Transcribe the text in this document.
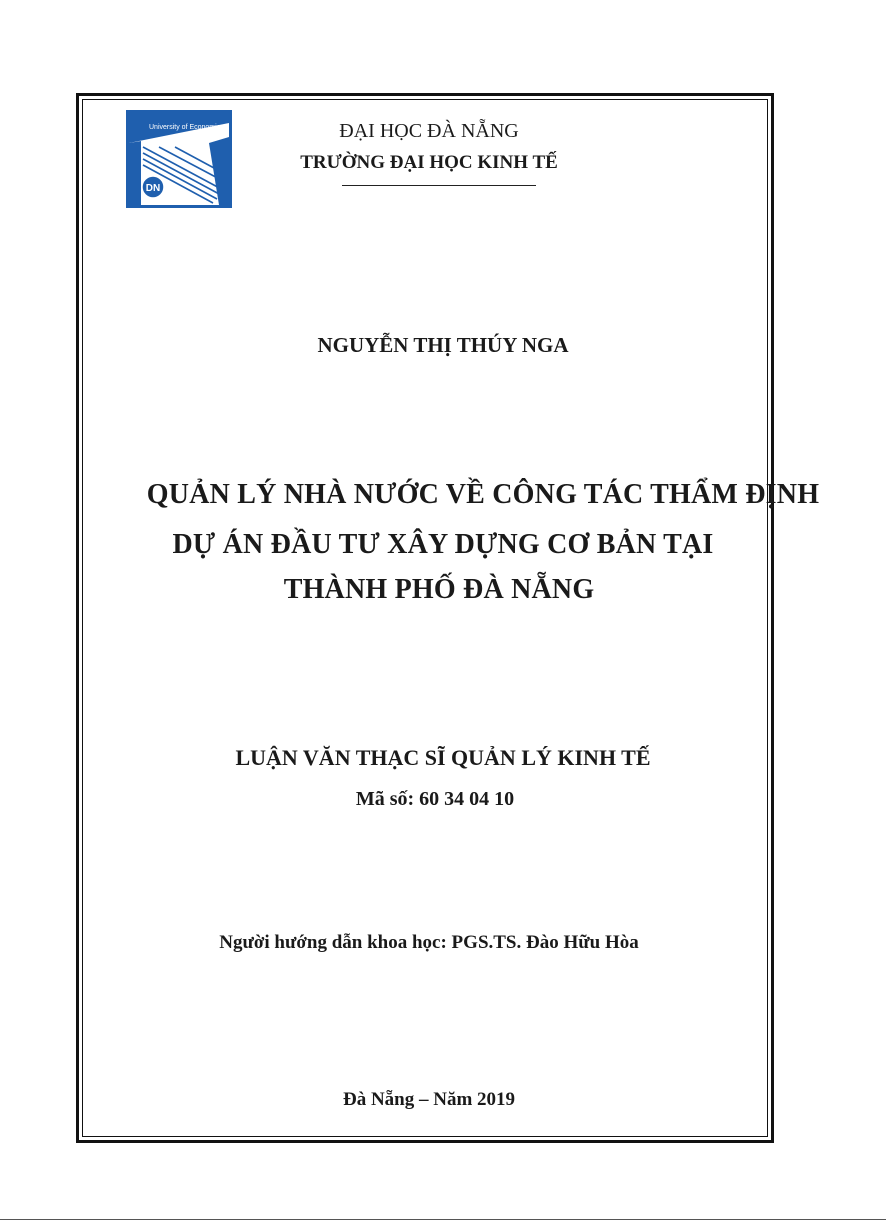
University of Economics
DN
ĐẠI HỌC ĐÀ NẴNG
TRƯỜNG ĐẠI HỌC KINH TẾ
NGUYỄN THỊ THÚY NGA
QUẢN LÝ NHÀ NƯỚC VỀ CÔNG TÁC THẨM ĐỊNH
DỰ ÁN ĐẦU TƯ XÂY DỰNG CƠ BẢN TẠI
THÀNH PHỐ ĐÀ NẴNG
LUẬN VĂN THẠC SĨ QUẢN LÝ KINH TẾ
Mã số: 60 34 04 10
Người hướng dẫn khoa học: PGS.TS. Đào Hữu Hòa
Đà Nẵng – Năm 2019
